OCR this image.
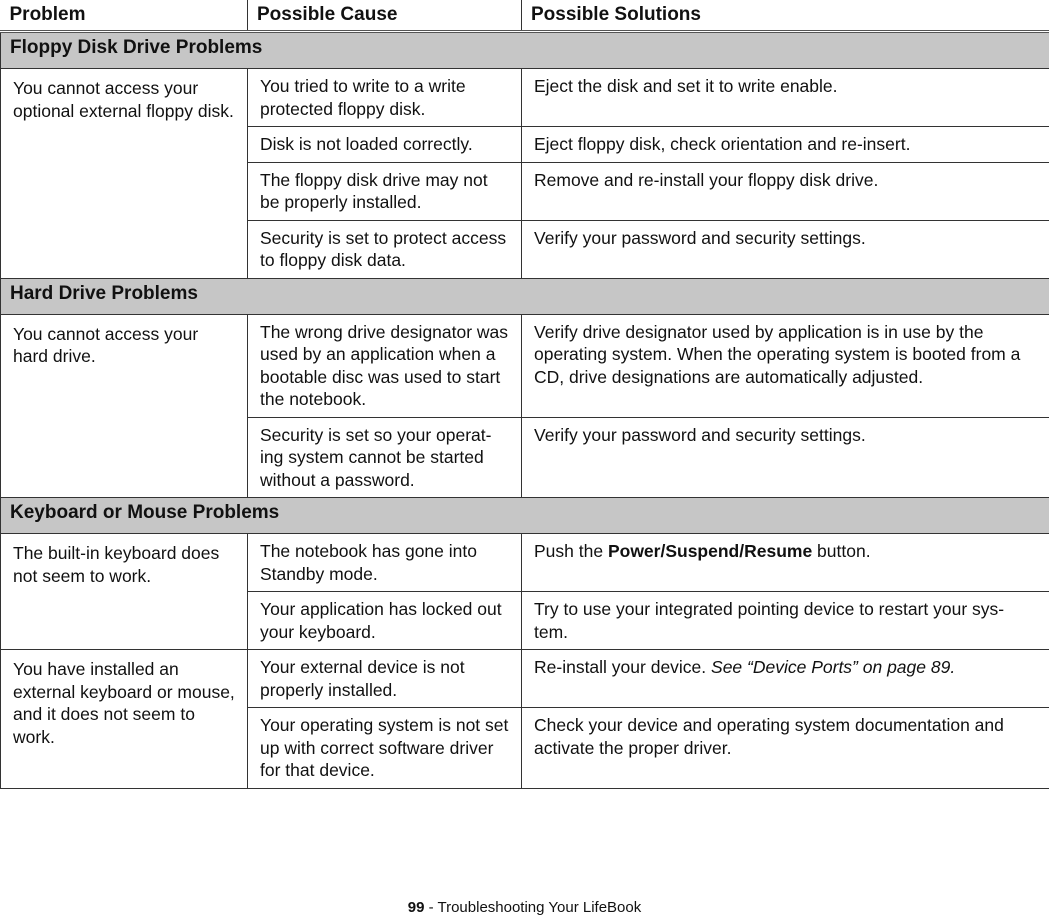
Problem	Possible Cause	Possible Solutions
Floppy Disk Drive Problems		
You cannot access your optional external floppy disk.	You tried to write to a write protected floppy disk.	Eject the disk and set it to write enable.
	Disk is not loaded correctly.	Eject floppy disk, check orientation and re-insert.
	The floppy disk drive may not be properly installed.	Remove and re-install your floppy disk drive.
	Security is set to protect access to floppy disk data.	Verify your password and security settings.
Hard Drive Problems		
You cannot access your hard drive.	The wrong drive designator was used by an application when a bootable disc was used to start the notebook.	Verify drive designator used by application is in use by the operating system. When the operating system is booted from a CD, drive designations are automatically adjusted.
	Security is set so your operat-ing system cannot be started without a password.	Verify your password and security settings.
Keyboard or Mouse Problems		
The built-in keyboard does not seem to work.	The notebook has gone into Standby mode.	Push the Power/Suspend/Resume button.
	Your application has locked out your keyboard.	Try to use your integrated pointing device to restart your sys-tem.
You have installed an external keyboard or mouse, and it does not seem to work.	Your external device is not properly installed.	Re-install your device. See “Device Ports” on page 89.
	Your operating system is not set up with correct software driver for that device.	Check your device and operating system documentation and activate the proper driver.
99 - Troubleshooting Your LifeBook
